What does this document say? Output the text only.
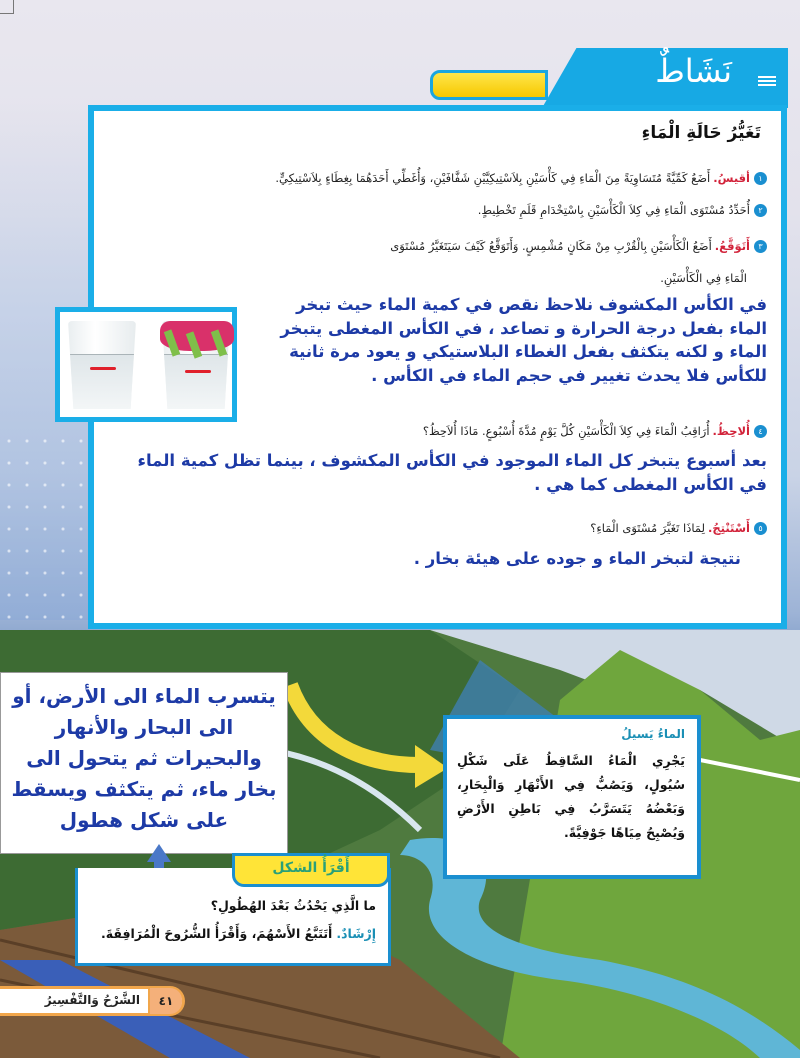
نَشَاطٌ
تَغَيُّرُ حَالَةِ الْمَاءِ
١أقيسُ.أَضَعُ كَمِّيَّةً مُتَسَاوِيَةً مِنَ الْمَاءِ فِي كَأْسَيْنِ بِلاَسْتِيكِيَّيْنِ شَفَّافَيْنِ، وَأُغَطِّي أَحَدَهُمَا بِغِطَاءٍ بِلاَسْتِيكِيٍّ.
٢أُحَدِّدُ مُسْتَوَى الْمَاءِ فِي كِلاَ الْكَأْسَيْنِ بِاسْتِخْدَامِ قَلَمِ تَخْطِيطٍ.
٣أَتَوَقَّعُ.أَضَعُ الْكَأْسَيْنِ بِالْقُرْبِ مِنْ مَكَانٍ مُشْمِسٍ. وَأَتَوَقَّعُ كَيْفَ سَيَتَغَيَّرُ مُسْتَوَى
الْمَاءِ فِي الْكَأْسَيْنِ.
في الكأس المكشوف نلاحظ نقص في كمية الماء حيث تبخر الماء بفعل درجة الحرارة و تصاعد ، في الكأس المغطى يتبخر الماء و لكنه يتكثف بفعل الغطاء البلاستيكي و يعود مرة ثانية للكأس فلا يحدث تغيير في حجم الماء في الكأس .
٤أُلاحِظُ.أُرَاقِبُ الْمَاءَ فِي كِلاَ الْكَأْسَيْنِ كُلَّ يَوْمٍ مُدَّةَ أُسْبُوعٍ. مَاذَا أُلاَحِظُ؟
بعد أسبوع يتبخر كل الماء الموجود في الكأس المكشوف ، بينما تظل كمية الماء في الكأس المغطى كما هي .
٥أَسْتَنْتِجُ.لِمَاذَا تَغَيَّرَ مُسْتَوَى الْمَاءِ؟
نتيجة لتبخر الماء و جوده على هيئة بخار .
يتسرب الماء الى الأرض، أو الى البحار والأنهار والبحيرات ثم يتحول الى بخار ماء، ثم يتكثف ويسقط على شكل هطول
الماءُ يَسيلُ
يَجْرِي الْمَاءُ السَّاقِطُ عَلَى شَكْلِ سُيُولٍ، وَيَصُبُّ فِي الأَنْهَارِ وَالْبِحَارِ، وَبَعْضُهُ يَتَسَرَّبُ فِي بَاطِنِ الأَرْضِ وَيُصْبِحُ مِيَاهًا جَوْفِيَّةً.
ما الَّذِي يَحْدُثُ بَعْدَ الهُطُولِ؟
إِرْشَادٌ.أَتَتَبَّعُ الأَسْهُمَ، وَأَقْرَأُ الشُّرُوحَ الْمُرَافِقَةَ.
أَقْرَأُ الشكل
الشَّرْحُ وَالتَّفْسِيرُ	٤١
